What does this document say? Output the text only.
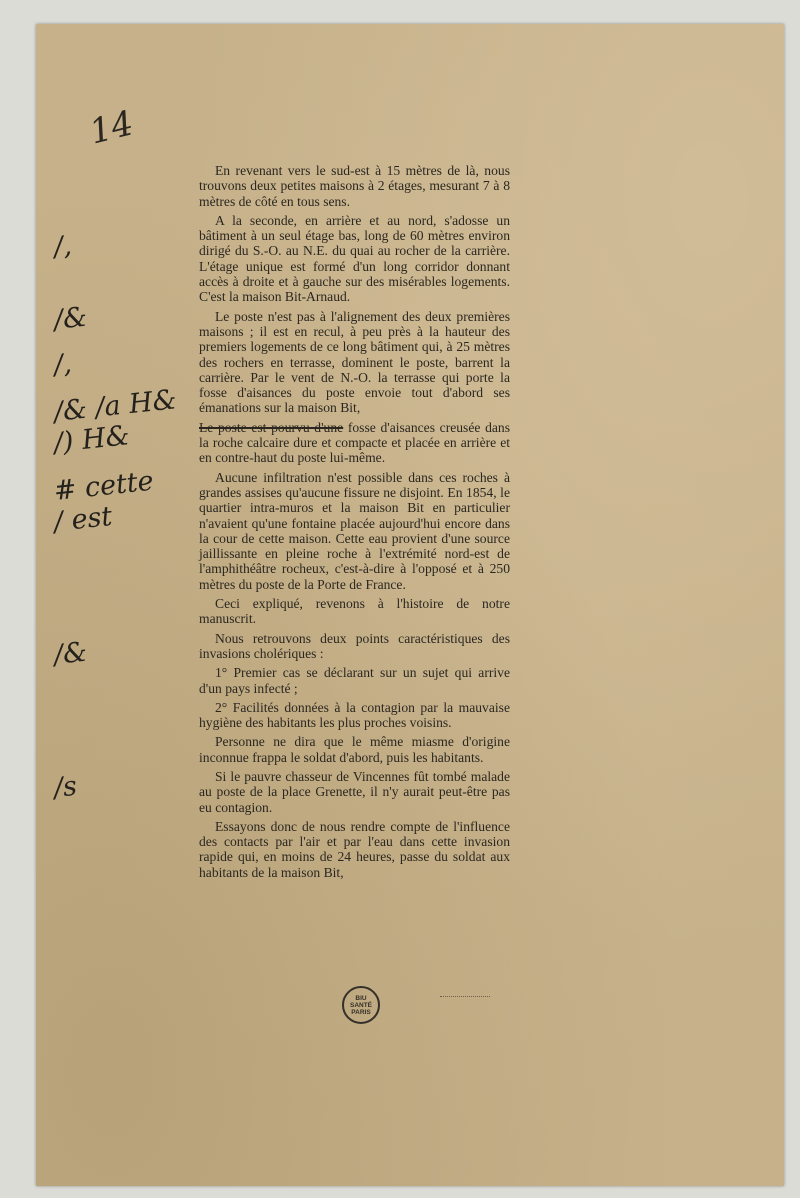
14
/,
/&
/,
/& /a H&
/) H&
# cette
/ est
/&
/s

En revenant vers le sud-est à 15 mètres de là, nous trouvons deux petites maisons à 2 étages, mesurant 7 à 8 mètres de côté en tous sens.

A la seconde, en arrière et au nord, s'adosse un bâtiment à un seul étage bas, long de 60 mètres environ dirigé du S.-O. au N.E. du quai au rocher de la carrière. L'étage unique est formé d'un long corridor donnant accès à droite et à gauche sur des misérables logements. C'est la maison Bit-Arnaud.

Le poste n'est pas à l'alignement des deux premières maisons ; il est en recul, à peu près à la hauteur des premiers logements de ce long bâtiment qui, à 25 mètres des rochers en terrasse, dominent le poste, barrent la carrière. Par le vent de N.-O. la terrasse qui porte la fosse d'aisances du poste envoie tout d'abord ses émanations sur la maison Bit,

Le poste est pourvu d'une fosse d'aisances creusée dans la roche calcaire dure et compacte et placée en arrière et en contre-haut du poste lui-même.

Aucune infiltration n'est possible dans ces roches à grandes assises qu'aucune fissure ne disjoint. En 1854, le quartier intra-muros et la maison Bit en particulier n'avaient qu'une fontaine placée aujourd'hui encore dans la cour de cette maison. Cette eau provient d'une source jaillissante en pleine roche à l'extrémité nord-est de l'amphithéâtre rocheux, c'est-à-dire à l'opposé et à 250 mètres du poste de la Porte de France.

Ceci expliqué, revenons à l'histoire de notre manuscrit.

Nous retrouvons deux points caractéristiques des invasions cholériques :

1° Premier cas se déclarant sur un sujet qui arrive d'un pays infecté ;

2° Facilités données à la contagion par la mauvaise hygiène des habitants les plus proches voisins.

Personne ne dira que le même miasme d'origine inconnue frappa le soldat d'abord, puis les habitants.

Si le pauvre chasseur de Vincennes fût tombé malade au poste de la place Grenette, il n'y aurait peut-être pas eu contagion.

Essayons donc de nous rendre compte de l'influence des contacts par l'air et par l'eau dans cette invasion rapide qui, en moins de 24 heures, passe du soldat aux habitants de la maison Bit,

BIU
SANTÉ
PARIS
